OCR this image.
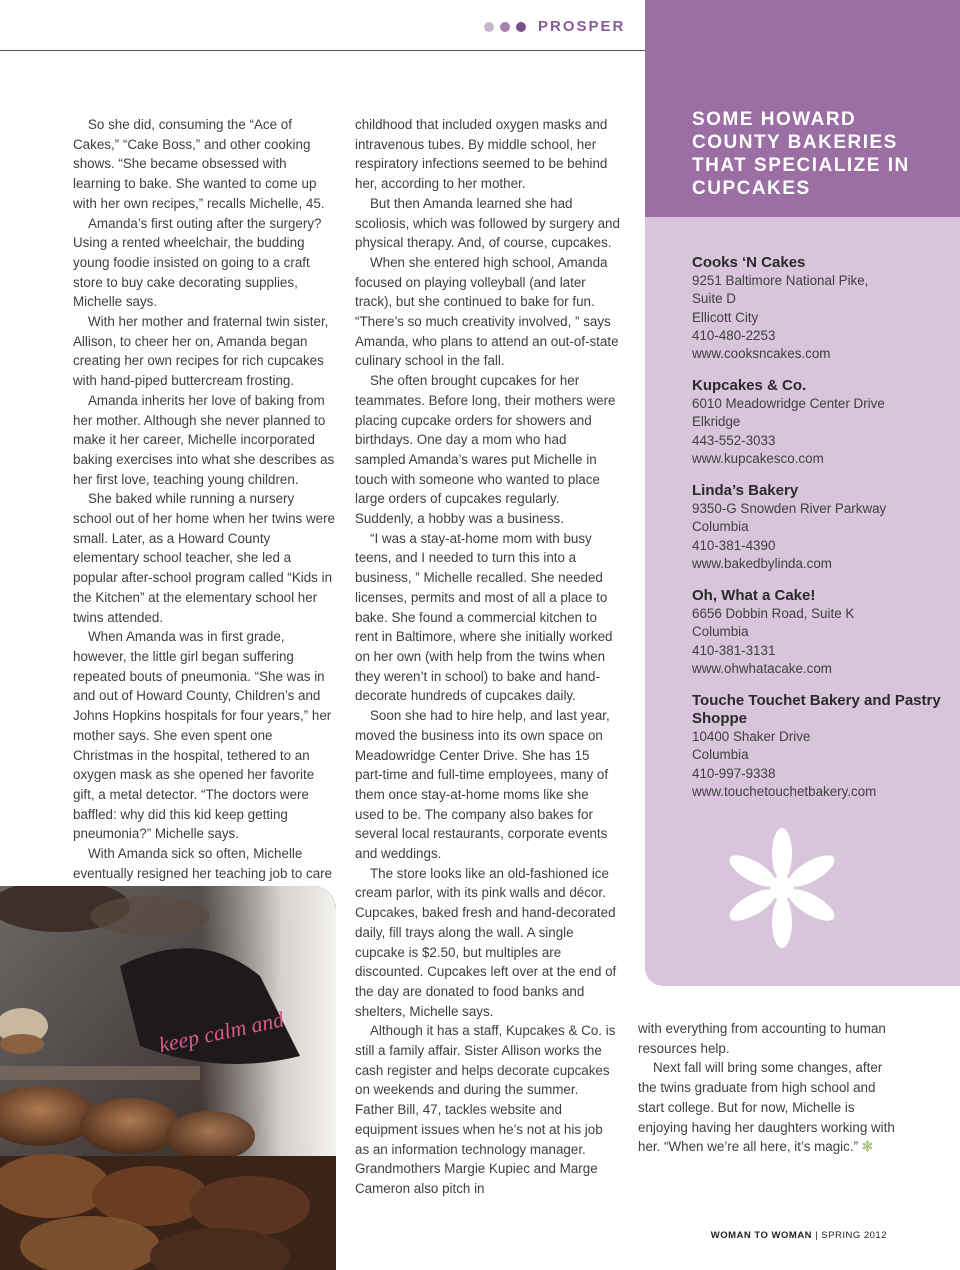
PROSPER

So she did, consuming the “Ace of Cakes,” “Cake Boss,” and other cooking shows. “She became obsessed with learning to bake. She wanted to come up with her own recipes,” recalls Michelle, 45.

Amanda’s first outing after the surgery? Using a rented wheelchair, the budding young foodie insisted on going to a craft store to buy cake decorating supplies, Michelle says.

With her mother and fraternal twin sister, Allison, to cheer her on, Amanda began creating her own recipes for rich cupcakes with hand-piped buttercream frosting.

Amanda inherits her love of baking from her mother. Although she never planned to make it her career, Michelle incorporated baking exercises into what she describes as her first love, teaching young children.

She baked while running a nursery school out of her home when her twins were small. Later, as a Howard County elementary school teacher, she led a popular after-school program called “Kids in the Kitchen” at the elementary school her twins attended.

When Amanda was in first grade, however, the little girl began suffering repeated bouts of pneumonia. “She was in and out of Howard County, Children’s and Johns Hopkins hospitals for four years,” her mother says. She even spent one Christmas in the hospital, tethered to an oxygen mask as she opened her favorite gift, a metal detector. “The doctors were baffled: why did this kid keep getting pneumonia?” Michelle says.

With Amanda sick so often, Michelle eventually resigned her teaching job to care

childhood that included oxygen masks and intravenous tubes. By middle school, her respiratory infections seemed to be behind her, according to her mother.

But then Amanda learned she had scoliosis, which was followed by surgery and physical therapy. And, of course, cupcakes.

When she entered high school, Amanda focused on playing volleyball (and later track), but she continued to bake for fun. “There’s so much creativity involved, ” says Amanda, who plans to attend an out-of-state culinary school in the fall.

She often brought cupcakes for her teammates. Before long, their mothers were placing cupcake orders for showers and birthdays. One day a mom who had sampled Amanda’s wares put Michelle in touch with someone who wanted to place large orders of cupcakes regularly. Suddenly, a hobby was a business.

“I was a stay-at-home mom with busy teens, and I needed to turn this into a business, ” Michelle recalled. She needed licenses, permits and most of all a place to bake. She found a commercial kitchen to rent in Baltimore, where she initially worked on her own (with help from the twins when they weren’t in school) to bake and hand-decorate hundreds of cupcakes daily.

Soon she had to hire help, and last year, moved the business into its own space on Meadowridge Center Drive. She has 15 part-time and full-time employees, many of them once stay-at-home moms like she used to be. The company also bakes for several local restaurants, corporate events and weddings.

The store looks like an old-fashioned ice cream parlor, with its pink walls and décor. Cupcakes, baked fresh and hand-decorated daily, fill trays along the wall. A single cupcake is $2.50, but multiples are discounted. Cupcakes left over at the end of the day are donated to food banks and shelters, Michelle says.

Although it has a staff, Kupcakes & Co. is still a family affair. Sister Allison works the cash register and helps decorate cupcakes on weekends and during the summer. Father Bill, 47, tackles website and equipment issues when he’s not at his job as an information technology manager. Grandmothers Margie Kupiec and Marge Cameron also pitch in

SOME HOWARD COUNTY BAKERIES THAT SPECIALIZE IN CUPCAKES
Cooks ‘N Cakes
9251 Baltimore National Pike,
Suite D
Ellicott City
410-480-2253
www.cooksncakes.com
Kupcakes & Co.
6010 Meadowridge Center Drive
Elkridge
443-552-3033
www.kupcakesco.com
Linda’s Bakery
9350-G Snowden River Parkway
Columbia
410-381-4390
www.bakedbylinda.com
Oh, What a Cake!
6656 Dobbin Road, Suite K
Columbia
410-381-3131
www.ohwhatacake.com
Touche Touchet Bakery and Pastry Shoppe
10400 Shaker Drive
Columbia
410-997-9338
www.touchetouchetbakery.com

with everything from accounting to human resources help.

Next fall will bring some changes, after the twins graduate from high school and start college. But for now, Michelle is enjoying having her daughters working with her. “When we’re all here, it’s magic.” ✻

keep calm and
WOMAN TO WOMAN | SPRING 2012
